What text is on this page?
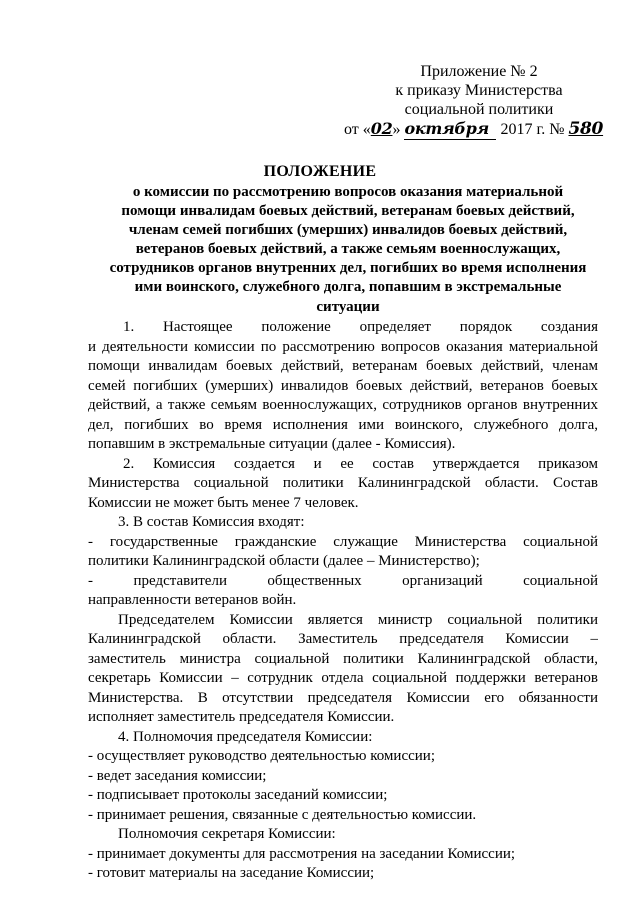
Приложение № 2
к приказу Министерства
социальной политики
от «02» октября 2017 г. № 580
ПОЛОЖЕНИЕ
о комиссии по рассмотрению вопросов оказания материальной
помощи инвалидам боевых действий, ветеранам боевых действий,
членам семей погибших (умерших) инвалидов боевых действий,
ветеранов боевых действий, а также семьям военнослужащих,
сотрудников органов внутренних дел, погибших во время исполнения
ими воинского, служебного долга, попавшим в экстремальные
ситуации
1. Настоящее положение определяет порядок создания
и деятельности комиссии по рассмотрению вопросов оказания материальной
помощи инвалидам боевых действий, ветеранам боевых действий, членам
семей погибших (умерших) инвалидов боевых действий, ветеранов боевых
действий, а также семьям военнослужащих, сотрудников органов внутренних
дел, погибших во время исполнения ими воинского, служебного долга,
попавшим в экстремальные ситуации (далее - Комиссия).
2. Комиссия создается и ее состав утверждается приказом
Министерства социальной политики Калининградской области. Состав
Комиссии не может быть менее 7 человек.
3. В состав Комиссия входят:
- государственные гражданские служащие Министерства социальной
политики Калининградской области (далее – Министерство);
- представители общественных организаций социальной
направленности ветеранов войн.
Председателем Комиссии является министр социальной политики
Калининградской области. Заместитель председателя Комиссии –
заместитель министра социальной политики Калининградской области,
секретарь Комиссии – сотрудник отдела социальной поддержки ветеранов
Министерства. В отсутствии председателя Комиссии его обязанности
исполняет заместитель председателя Комиссии.
4. Полномочия председателя Комиссии:
- осуществляет руководство деятельностью комиссии;
- ведет заседания комиссии;
- подписывает протоколы заседаний комиссии;
- принимает решения, связанные с деятельностью комиссии.
Полномочия секретаря Комиссии:
- принимает документы для рассмотрения на заседании Комиссии;
- готовит материалы на заседание Комиссии;
